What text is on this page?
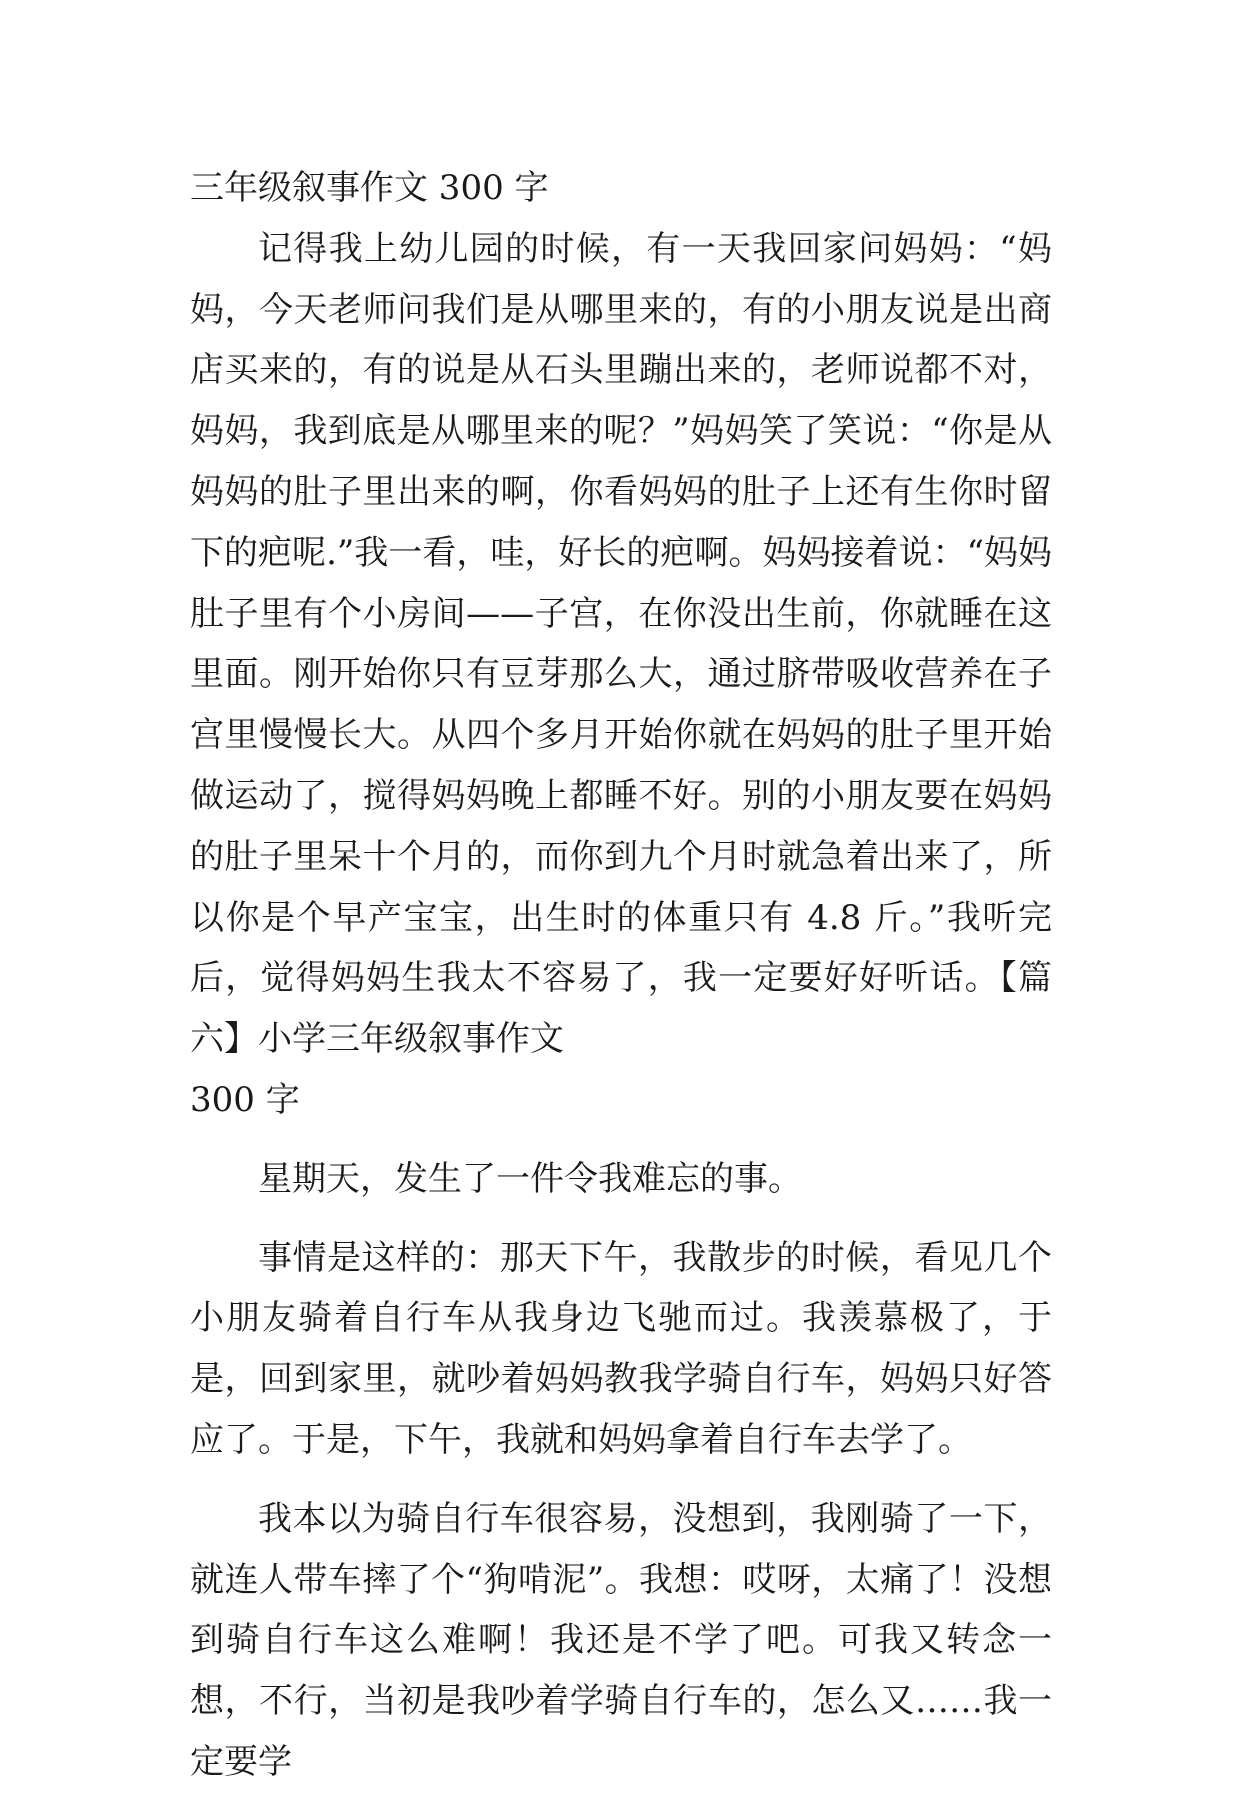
三年级叙事作文 300 字

记得我上幼儿园的时候，有一天我回家问妈妈：“妈妈，今天老师问我们是从哪里来的，有的小朋友说是出商店买来的，有的说是从石头里蹦出来的，老师说都不对，妈妈，我到底是从哪里来的呢？”妈妈笑了笑说：“你是从妈妈的肚子里出来的啊，你看妈妈的肚子上还有生你时留下的疤呢.”我一看，哇，好长的疤啊。妈妈接着说：“妈妈肚子里有个小房间——子宫，在你没出生前，你就睡在这里面。刚开始你只有豆芽那么大，通过脐带吸收营养在子宫里慢慢长大。从四个多月开始你就在妈妈的肚子里开始做运动了，搅得妈妈晚上都睡不好。别的小朋友要在妈妈的肚子里呆十个月的，而你到九个月时就急着出来了，所以你是个早产宝宝，出生时的体重只有 4.8 斤。”我听完后，觉得妈妈生我太不容易了，我一定要好好听话。【篇六】小学三年级叙事作文

300 字

星期天，发生了一件令我难忘的事。

事情是这样的：那天下午，我散步的时候，看见几个小朋友骑着自行车从我身边飞驰而过。我羡慕极了，于是，回到家里，就吵着妈妈教我学骑自行车，妈妈只好答应了。于是，下午，我就和妈妈拿着自行车去学了。

我本以为骑自行车很容易，没想到，我刚骑了一下，就连人带车摔了个“狗啃泥”。我想：哎呀，太痛了！没想到骑自行车这么难啊！我还是不学了吧。可我又转念一想，不行，当初是我吵着学骑自行车的，怎么又……我一定要学
